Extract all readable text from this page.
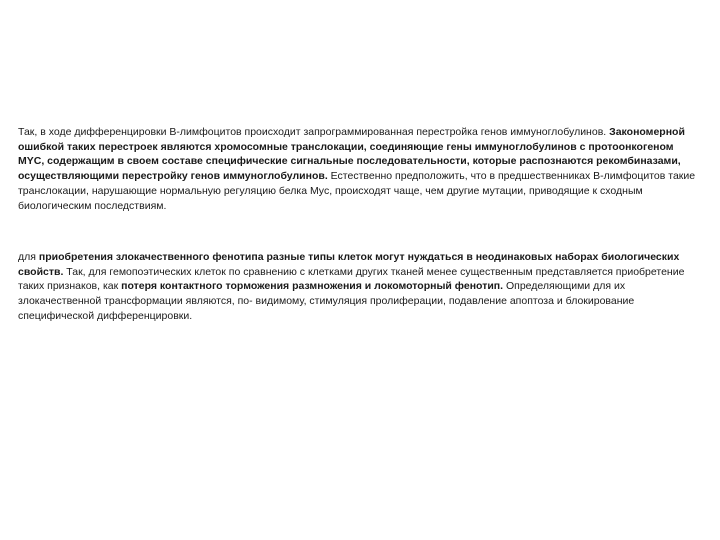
Так, в ходе дифференцировки В-лимфоцитов происходит запрограммированная перестройка генов иммуноглобулинов. Закономерной ошибкой таких перестроек являются хромосомные транслокации, соединяющие гены иммуноглобулинов с протоонкогеном MYC, содержащим в своем составе специфические сигнальные последовательности, которые распознаются рекомбиназами, осуществляющими перестройку генов иммуноглобулинов. Естественно предположить, что в предшественниках В-лимфоцитов такие транслокации, нарушающие нормальную регуляцию белка Myc, происходят чаще, чем другие мутации, приводящие к сходным биологическим последствиям.

для приобретения злокачественного фенотипа разные типы клеток могут нуждаться в неодинаковых наборах биологических свойств. Так, для гемопоэтических клеток по сравнению с клетками других тканей менее существенным представляется приобретение таких признаков, как потеря контактного торможения размножения и локомоторный фенотип. Определяющими для их злокачественной трансформации являются, по- видимому, стимуляция пролиферации, подавление апоптоза и блокирование специфической дифференцировки.
